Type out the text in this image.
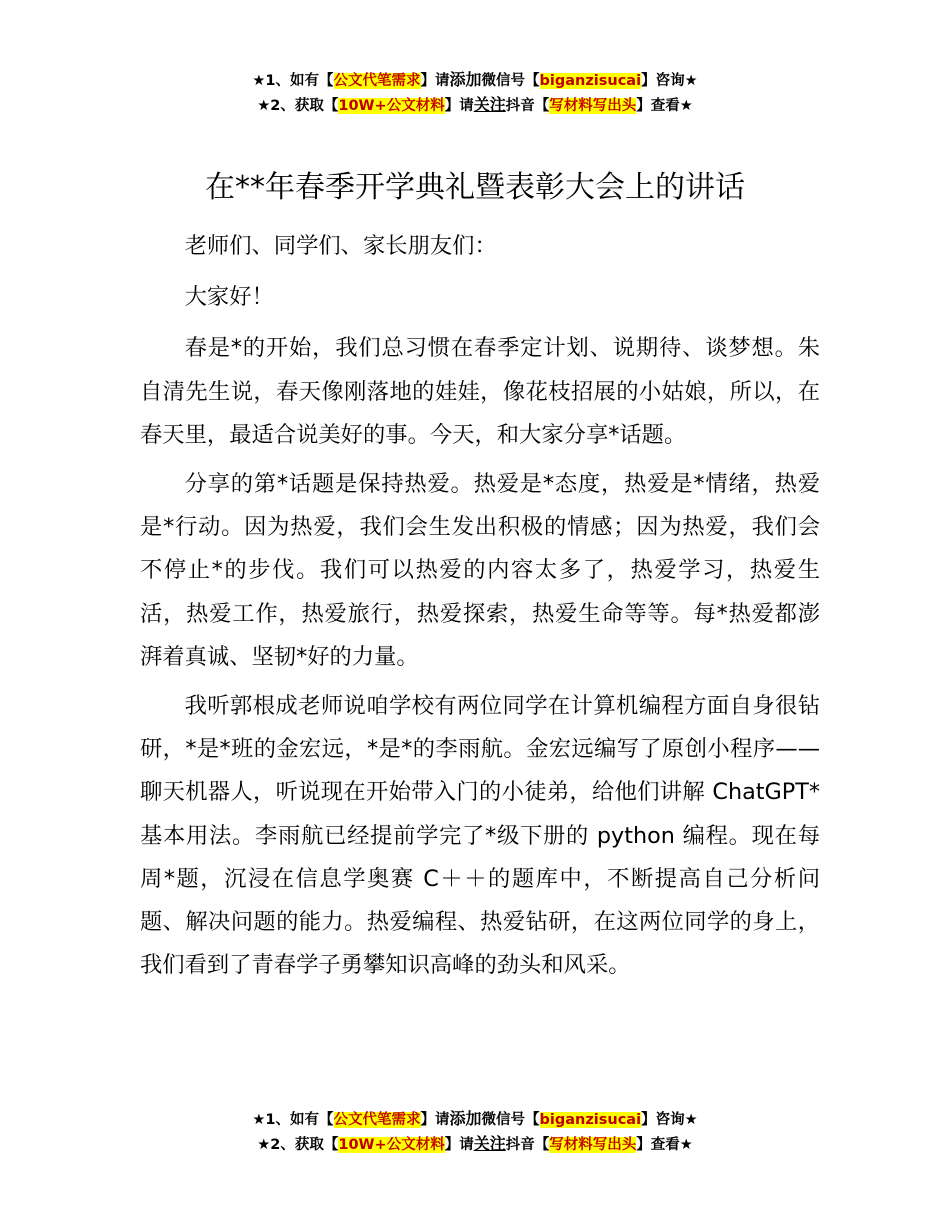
★1、如有【公文代笔需求】请添加微信号【biganzisucai】咨询★
★2、获取【10W+公文材料】请关注抖音【写材料写出头】查看★
在**年春季开学典礼暨表彰大会上的讲话

老师们、同学们、家长朋友们：

大家好！

春是*的开始，我们总习惯在春季定计划、说期待、谈梦想。朱自清先生说，春天像刚落地的娃娃，像花枝招展的小姑娘，所以，在春天里，最适合说美好的事。今天，和大家分享*话题。

分享的第*话题是保持热爱。热爱是*态度，热爱是*情绪，热爱是*行动。因为热爱，我们会生发出积极的情感；因为热爱，我们会不停止*的步伐。我们可以热爱的内容太多了，热爱学习，热爱生活，热爱工作，热爱旅行，热爱探索，热爱生命等等。每*热爱都澎湃着真诚、坚韧*好的力量。

我听郭根成老师说咱学校有两位同学在计算机编程方面自身很钻研，*是*班的金宏远，*是*的李雨航。金宏远编写了原创小程序——聊天机器人，听说现在开始带入门的小徒弟，给他们讲解 ChatGPT*基本用法。李雨航已经提前学完了*级下册的 python 编程。现在每周*题，沉浸在信息学奥赛 C＋＋的题库中，不断提高自己分析问题、解决问题的能力。热爱编程、热爱钻研，在这两位同学的身上，我们看到了青春学子勇攀知识高峰的劲头和风采。

★1、如有【公文代笔需求】请添加微信号【biganzisucai】咨询★
★2、获取【10W+公文材料】请关注抖音【写材料写出头】查看★
